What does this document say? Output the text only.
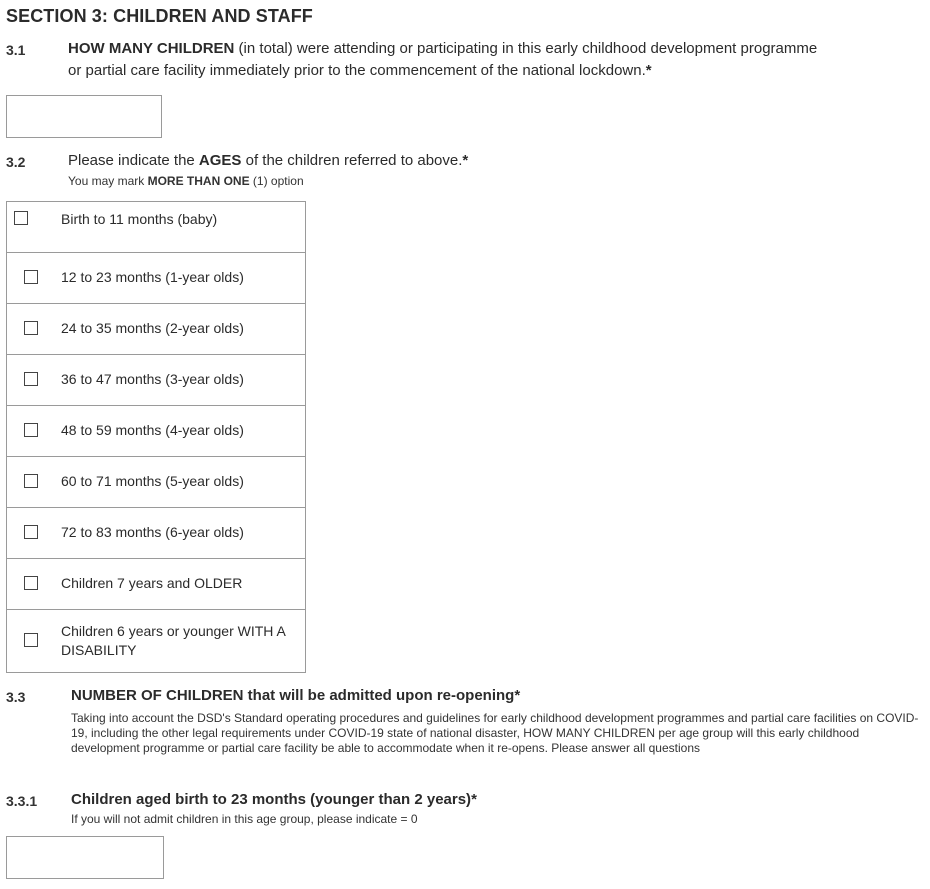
SECTION 3: CHILDREN AND STAFF
3.1	HOW MANY CHILDREN (in total) were attending or participating in this early childhood development programme
or partial care facility immediately prior to the commencement of the national lockdown.*
3.2	Please indicate the AGES of the children referred to above.*
You may mark MORE THAN ONE (1) option
Birth to 11 months (baby)
12 to 23 months (1-year olds)
24 to 35 months (2-year olds)
36 to 47 months (3-year olds)
48 to 59 months (4-year olds)
60 to 71 months (5-year olds)
72 to 83 months (6-year olds)
Children 7 years and OLDER
Children 6 years or younger WITH A DISABILITY
3.3	NUMBER OF CHILDREN that will be admitted upon re-opening*
Taking into account the DSD's Standard operating procedures and guidelines for early childhood development programmes and partial care facilities on COVID-19, including the other legal requirements under COVID-19 state of national disaster, HOW MANY CHILDREN per age group will this early childhood development programme or partial care facility be able to accommodate when it re-opens. Please answer all questions
3.3.1 Children aged birth to 23 months (younger than 2 years)*
If you will not admit children in this age group, please indicate = 0
